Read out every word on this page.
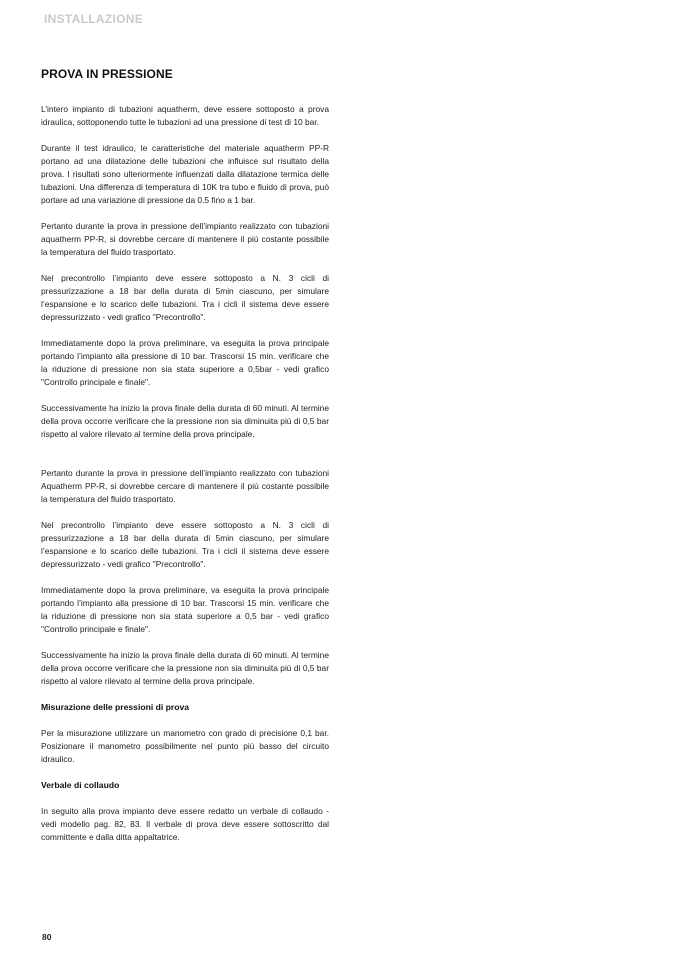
INSTALLAZIONE
PROVA IN PRESSIONE

L’intero impianto di tubazioni aquatherm, deve essere sottoposto a prova idraulica, sottoponendo tutte le tubazioni ad una pressione di test di 10 bar.

Durante il test idraulico, le caratteristiche del materiale aquatherm PP-R portano ad una dilatazione delle tubazioni che influisce sul risultato della prova. I risultati sono ulteriormente influenzati dalla dilatazione termica delle tubazioni. Una differenza di temperatura di 10K tra tubo e fluido di prova, può portare ad una variazione di pressione da 0.5 fino a 1 bar.

Pertanto durante la prova in pressione dell’impianto realizzato con tubazioni aquatherm PP-R, si dovrebbe cercare di mantenere il più costante possibile la temperatura del fluido trasportato.

Nel precontrollo l’impianto deve essere sottoposto a N. 3 cicli di pressurizzazione a 18 bar della durata di 5min ciascuno, per simulare l’espansione e lo scarico delle tubazioni. Tra i cicli il sistema deve essere depressurizzato - vedi grafico "Precontrollo".

Immediatamente dopo la prova preliminare, va eseguita la prova principale portando l’impianto alla pressione di 10 bar. Trascorsi 15 min. verificare che la riduzione di pressione non sia stata superiore a 0,5bar - vedi grafico "Controllo principale e finale".

Successivamente ha inizio la prova finale della durata di 60 minuti. Al termine della prova occorre verificare che la pressione non sia diminuita più di 0,5 bar rispetto al valore rilevato al termine della prova principale.

Pertanto durante la prova in pressione dell’impianto realizzato con tubazioni Aquatherm PP-R, si dovrebbe cercare di mantenere il più costante possibile la temperatura del fluido trasportato.

Nel precontrollo l’impianto deve essere sottoposto a N. 3 cicli di pressurizzazione a 18 bar della durata di 5min ciascuno, per simulare l’espansione e lo scarico delle tubazioni. Tra i cicli il sistema deve essere depressurizzato - vedi grafico "Precontrollo".

Immediatamente dopo la prova preliminare, va eseguita la prova principale portando l’impianto alla pressione di 10 bar. Trascorsi 15 min. verificare che la riduzione di pressione non sia stata superiore a 0,5 bar - vedi grafico "Controllo principale e finale".

Successivamente ha inizio la prova finale della durata di 60 minuti. Al termine della prova occorre verificare che la pressione non sia diminuita più di 0,5 bar rispetto al valore rilevato al termine della prova principale.

Misurazione delle pressioni di prova

Per la misurazione utilizzare un manometro con grado di precisione 0,1 bar. Posizionare il manometro possibilmente nel punto più basso del circuito idraulico.

Verbale di collaudo

In seguito alla prova impianto deve essere redatto un verbale di collaudo - vedi modello pag. 82, 83. Il verbale di prova deve essere sottoscritto dal committente e dalla ditta appaltatrice.

80
